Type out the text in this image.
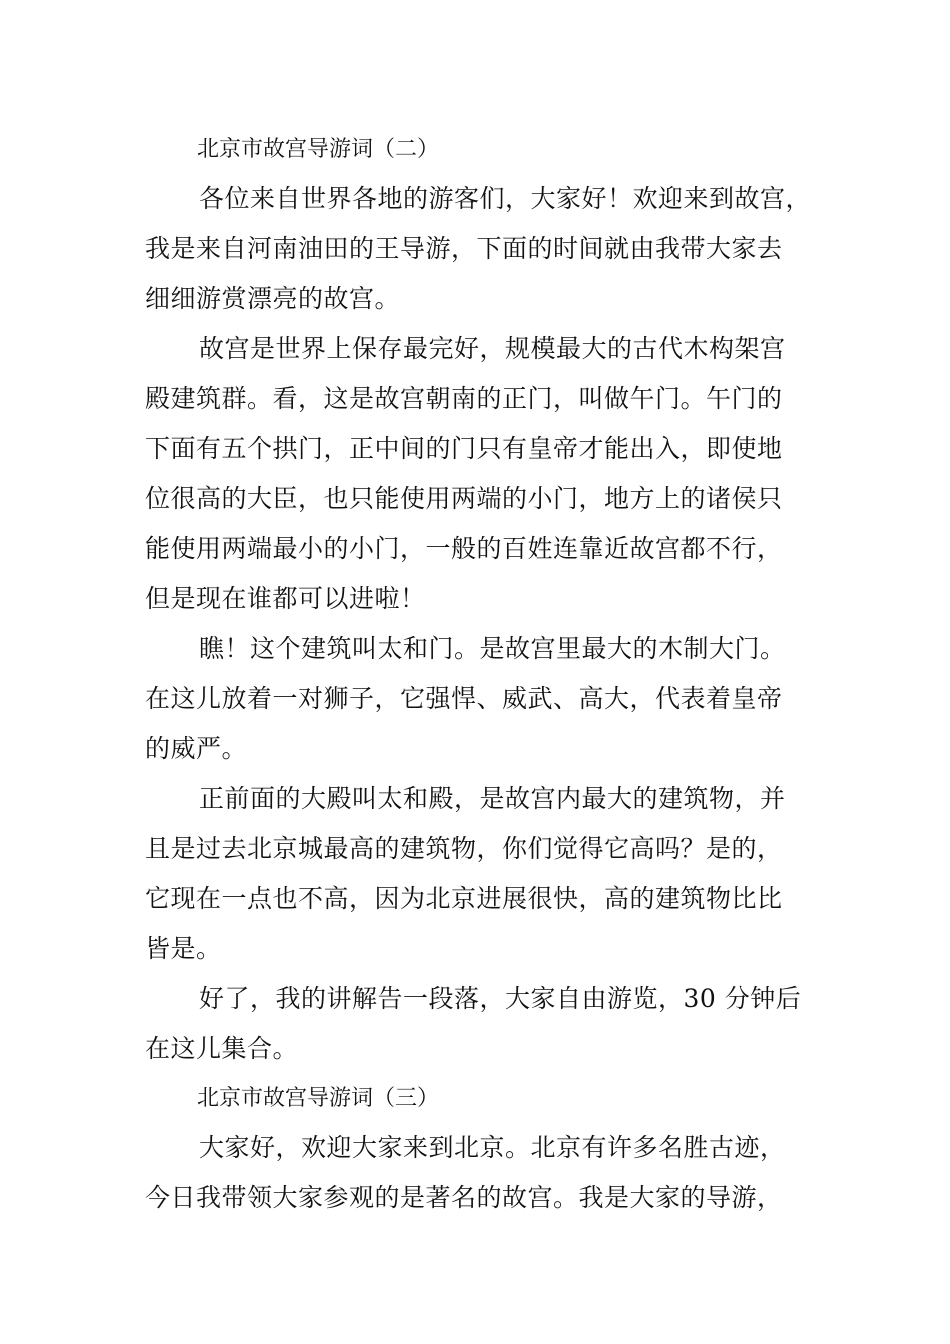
北京市故宫导游词（二）

各位来自世界各地的游客们，大家好！欢迎来到故宫，
我是来自河南油田的王导游，下面的时间就由我带大家去
细细游赏漂亮的故宫。

故宫是世界上保存最完好，规模最大的古代木构架宫
殿建筑群。看，这是故宫朝南的正门，叫做午门。午门的
下面有五个拱门，正中间的门只有皇帝才能出入，即使地
位很高的大臣，也只能使用两端的小门，地方上的诸侯只
能使用两端最小的小门，一般的百姓连靠近故宫都不行，
但是现在谁都可以进啦！

瞧！这个建筑叫太和门。是故宫里最大的木制大门。
在这儿放着一对狮子，它强悍、威武、高大，代表着皇帝
的威严。

正前面的大殿叫太和殿，是故宫内最大的建筑物，并
且是过去北京城最高的建筑物，你们觉得它高吗？是的，
它现在一点也不高，因为北京进展很快，高的建筑物比比
皆是。

好了，我的讲解告一段落，大家自由游览，30 分钟后
在这儿集合。

北京市故宫导游词（三）

大家好，欢迎大家来到北京。北京有许多名胜古迹，
今日我带领大家参观的是著名的故宫。我是大家的导游，
